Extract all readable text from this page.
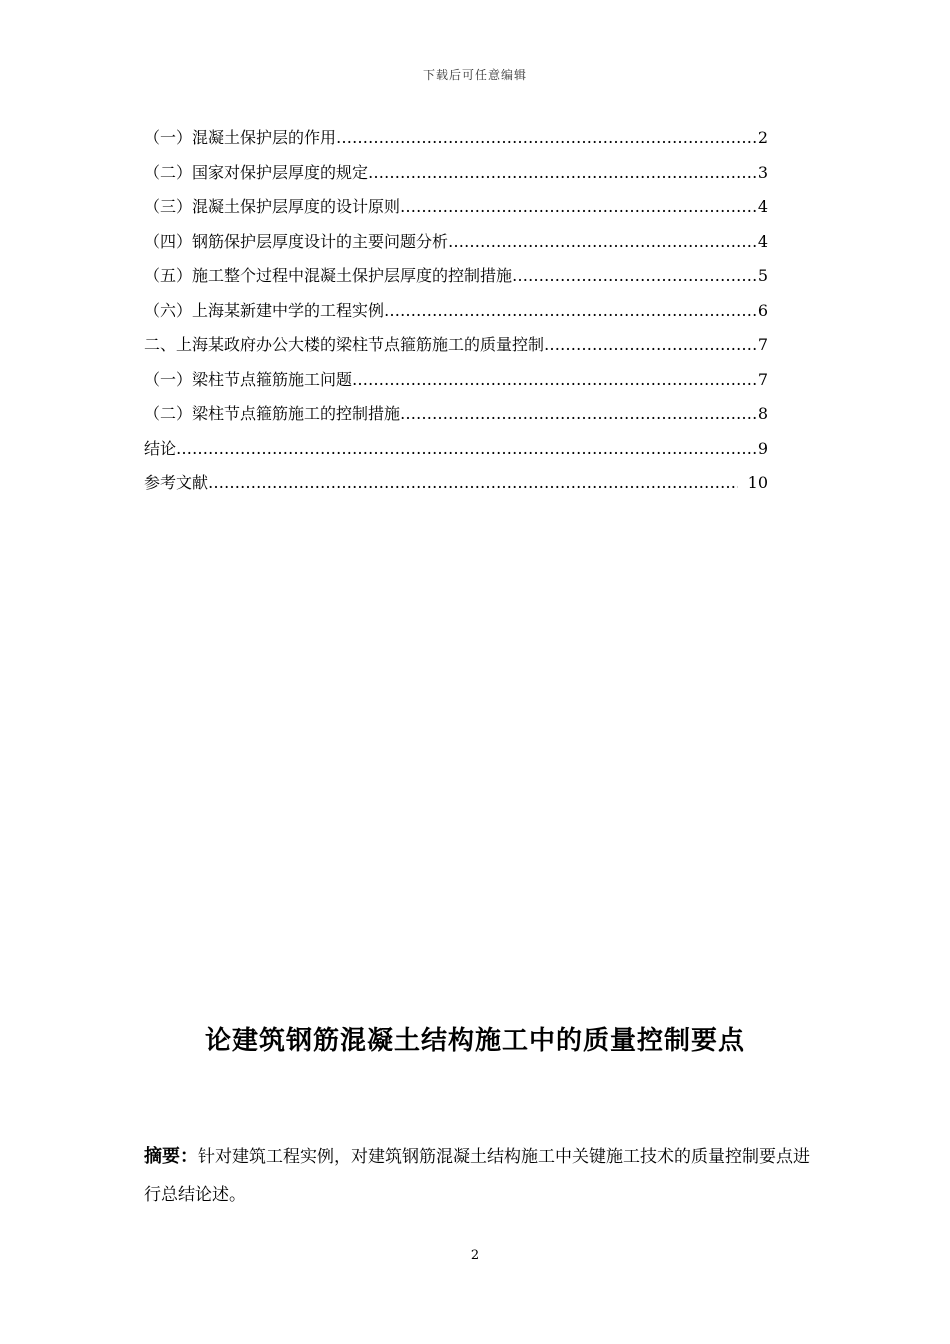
下载后可任意编辑
（一）混凝土保护层的作用 ………………………………………………………………………………………………………………………………………………………………	2
（二）国家对保护层厚度的规定 ………………………………………………………………………………………………………………………………………………………………	3
（三）混凝土保护层厚度的设计原则 ………………………………………………………………………………………………………………………………………………………………	4
（四）钢筋保护层厚度设计的主要问题分析 ………………………………………………………………………………………………………………………………………………………………	4
（五）施工整个过程中混凝土保护层厚度的控制措施 ………………………………………………………………………………………………………………………………………………………………	5
（六）上海某新建中学的工程实例 ………………………………………………………………………………………………………………………………………………………………	6
二、上海某政府办公大楼的梁柱节点箍筋施工的质量控制 ………………………………………………………………………………………………………………………………………………………………	7
（一）梁柱节点箍筋施工问题 ………………………………………………………………………………………………………………………………………………………………	7
（二）梁柱节点箍筋施工的控制措施 ………………………………………………………………………………………………………………………………………………………………	8
结论 ………………………………………………………………………………………………………………………………………………………………	9
参考文献 ………………………………………………………………………………………………………………………………………………………………	10
论建筑钢筋混凝土结构施工中的质量控制要点
摘要：针对建筑工程实例，对建筑钢筋混凝土结构施工中关键施工技术的质量控制要点进行总结论述。
2
